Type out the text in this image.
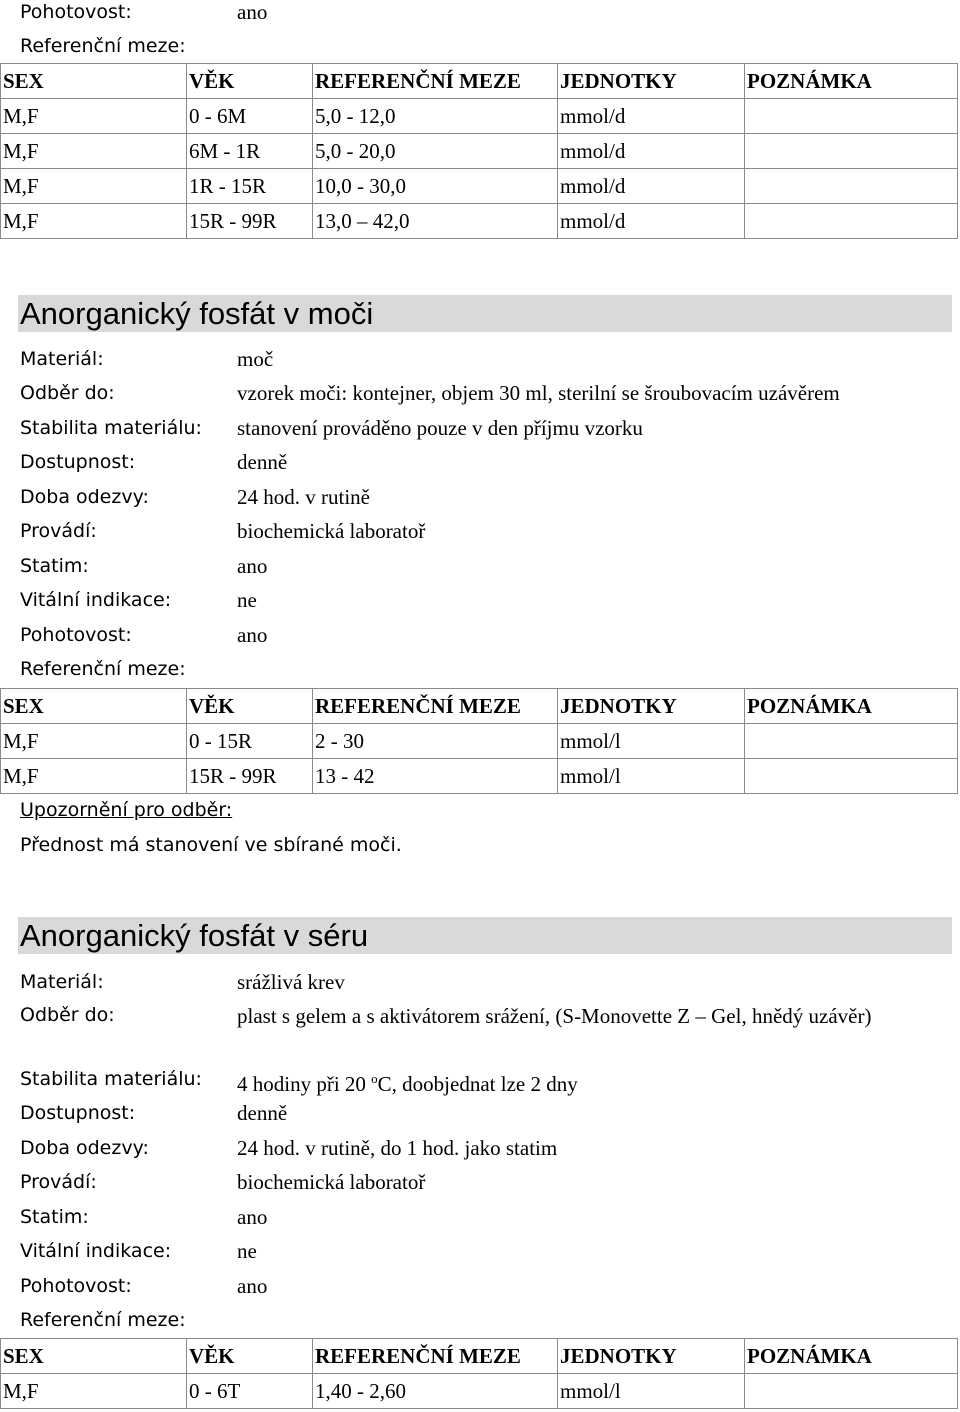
Pohotovost:	ano
Referenční meze:
SEX	VĚK	REFERENČNÍ MEZE	JEDNOTKY	POZNÁMKA
M,F	0 - 6M	5,0 - 12,0	mmol/d	
M,F	6M - 1R	5,0 - 20,0	mmol/d	
M,F	1R - 15R	10,0 - 30,0	mmol/d	
M,F	15R - 99R	13,0 – 42,0	mmol/d	
Anorganický fosfát v moči
Materiál:	moč
Odběr do:	vzorek moči: kontejner, objem 30 ml, sterilní se šroubovacím uzávěrem
Stabilita materiálu:	stanovení prováděno pouze v den příjmu vzorku
Dostupnost:	denně
Doba odezvy:	24 hod. v rutině
Provádí:	biochemická laboratoř
Statim:	ano
Vitální indikace:	ne
Pohotovost:	ano
Referenční meze:
SEX	VĚK	REFERENČNÍ MEZE	JEDNOTKY	POZNÁMKA
M,F	0 - 15R	2 - 30	mmol/l	
M,F	15R - 99R	13 - 42	mmol/l	
Upozornění pro odběr:
Přednost má stanovení ve sbírané moči.
Anorganický fosfát v séru
Materiál:	srážlivá krev
Odběr do:	plast s gelem a s aktivátorem srážení, (S-Monovette Z – Gel, hnědý uzávěr)
Stabilita materiálu:	4 hodiny při 20 $^o$C, doobjednat lze 2 dny
Dostupnost:	denně
Doba odezvy:	24 hod. v rutině, do 1 hod. jako statim
Provádí:	biochemická laboratoř
Statim:	ano
Vitální indikace:	ne
Pohotovost:	ano
Referenční meze:
SEX	VĚK	REFERENČNÍ MEZE	JEDNOTKY	POZNÁMKA
M,F	0 - 6T	1,40 - 2,60	mmol/l	
